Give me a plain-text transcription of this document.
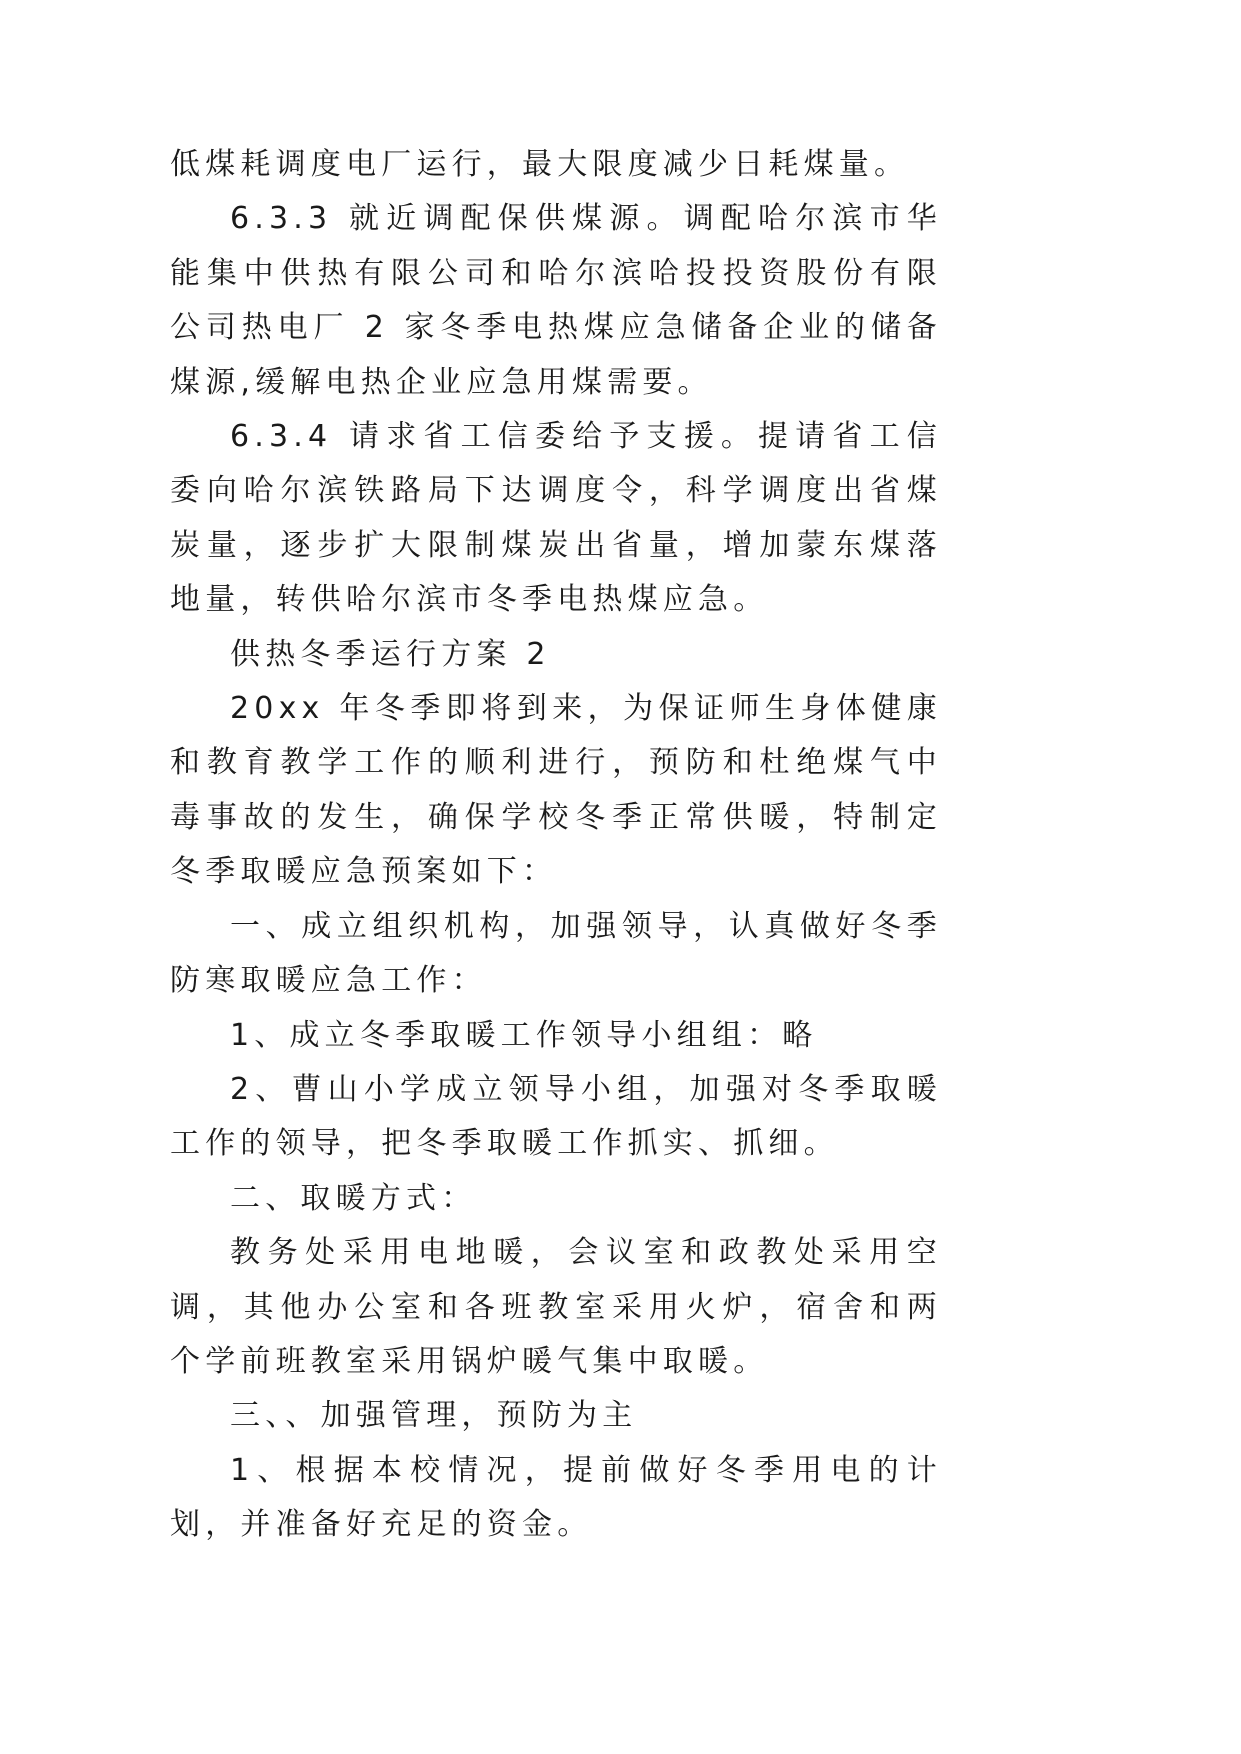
低煤耗调度电厂运行，最大限度减少日耗煤量。

6.3.3 就近调配保供煤源。调配哈尔滨市华能集中供热有限公司和哈尔滨哈投投资股份有限公司热电厂 2 家冬季电热煤应急储备企业的储备煤源,缓解电热企业应急用煤需要。

6.3.4 请求省工信委给予支援。提请省工信委向哈尔滨铁路局下达调度令，科学调度出省煤炭量，逐步扩大限制煤炭出省量，增加蒙东煤落地量，转供哈尔滨市冬季电热煤应急。

供热冬季运行方案 2

20xx 年冬季即将到来，为保证师生身体健康和教育教学工作的顺利进行，预防和杜绝煤气中毒事故的发生，确保学校冬季正常供暖，特制定冬季取暖应急预案如下：

一、成立组织机构，加强领导，认真做好冬季防寒取暖应急工作：

1、成立冬季取暖工作领导小组组：略

2、曹山小学成立领导小组，加强对冬季取暖工作的领导，把冬季取暖工作抓实、抓细。

二、取暖方式：

教务处采用电地暖，会议室和政教处采用空调，其他办公室和各班教室采用火炉，宿舍和两个学前班教室采用锅炉暖气集中取暖。

三、、加强管理，预防为主

1、根据本校情况，提前做好冬季用电的计划，并准备好充足的资金。
